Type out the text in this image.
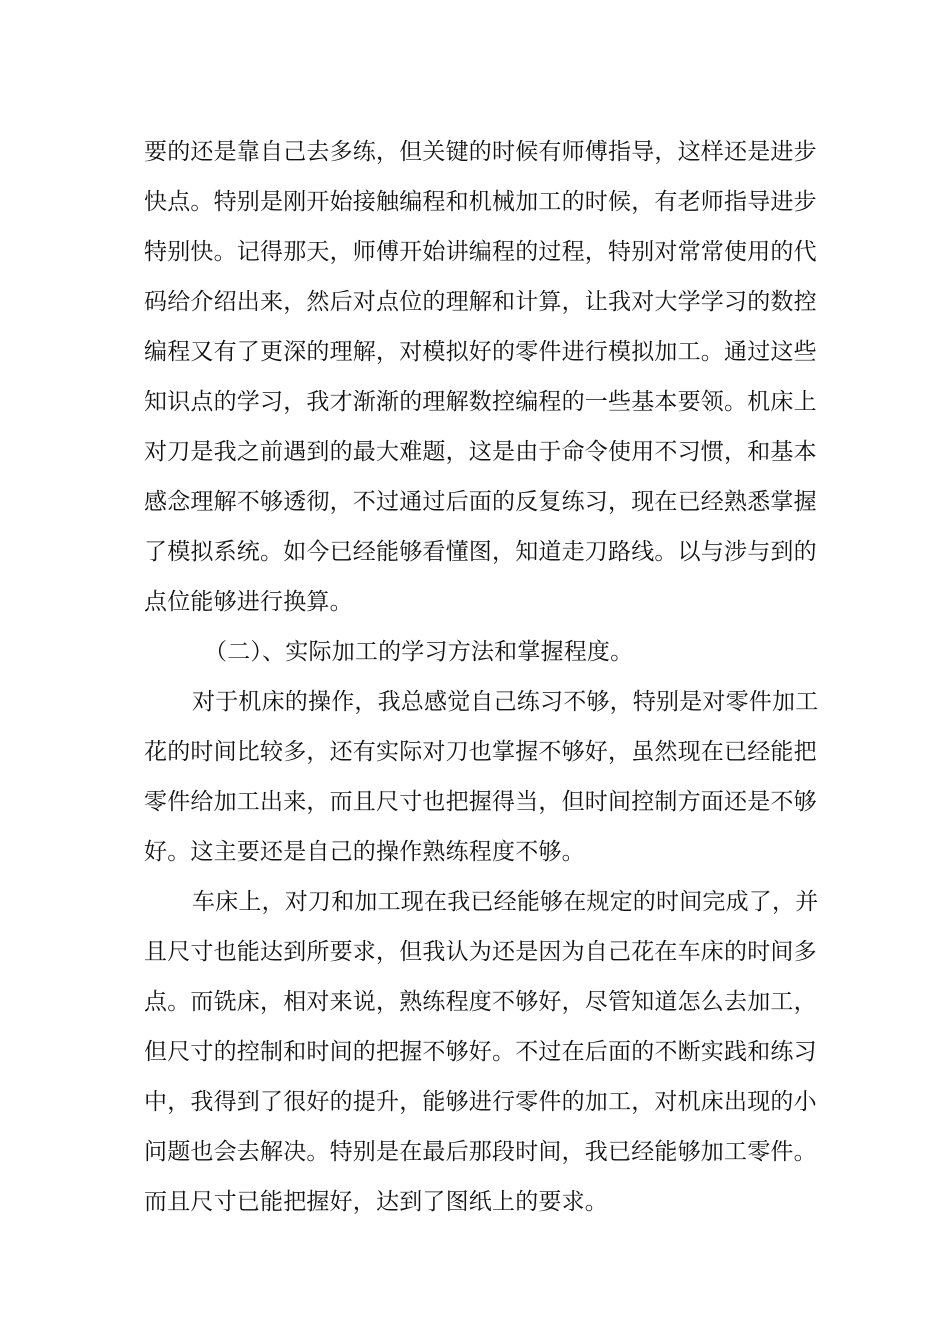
要的还是靠自己去多练，但关键的时候有师傅指导，这样还是进步
快点。特别是刚开始接触编程和机械加工的时候，有老师指导进步
特别快。记得那天，师傅开始讲编程的过程，特别对常常使用的代
码给介绍出来，然后对点位的理解和计算，让我对大学学习的数控
编程又有了更深的理解，对模拟好的零件进行模拟加工。通过这些
知识点的学习，我才渐渐的理解数控编程的一些基本要领。机床上
对刀是我之前遇到的最大难题，这是由于命令使用不习惯，和基本
感念理解不够透彻，不过通过后面的反复练习，现在已经熟悉掌握
了模拟系统。如今已经能够看懂图，知道走刀路线。以与涉与到的
点位能够进行换算。
（二）、实际加工的学习方法和掌握程度。
对于机床的操作，我总感觉自己练习不够，特别是对零件加工
花的时间比较多，还有实际对刀也掌握不够好，虽然现在已经能把
零件给加工出来，而且尺寸也把握得当，但时间控制方面还是不够
好。这主要还是自己的操作熟练程度不够。
车床上，对刀和加工现在我已经能够在规定的时间完成了，并
且尺寸也能达到所要求，但我认为还是因为自己花在车床的时间多
点。而铣床，相对来说，熟练程度不够好，尽管知道怎么去加工，
但尺寸的控制和时间的把握不够好。不过在后面的不断实践和练习
中，我得到了很好的提升，能够进行零件的加工，对机床出现的小
问题也会去解决。特别是在最后那段时间，我已经能够加工零件。
而且尺寸已能把握好，达到了图纸上的要求。
